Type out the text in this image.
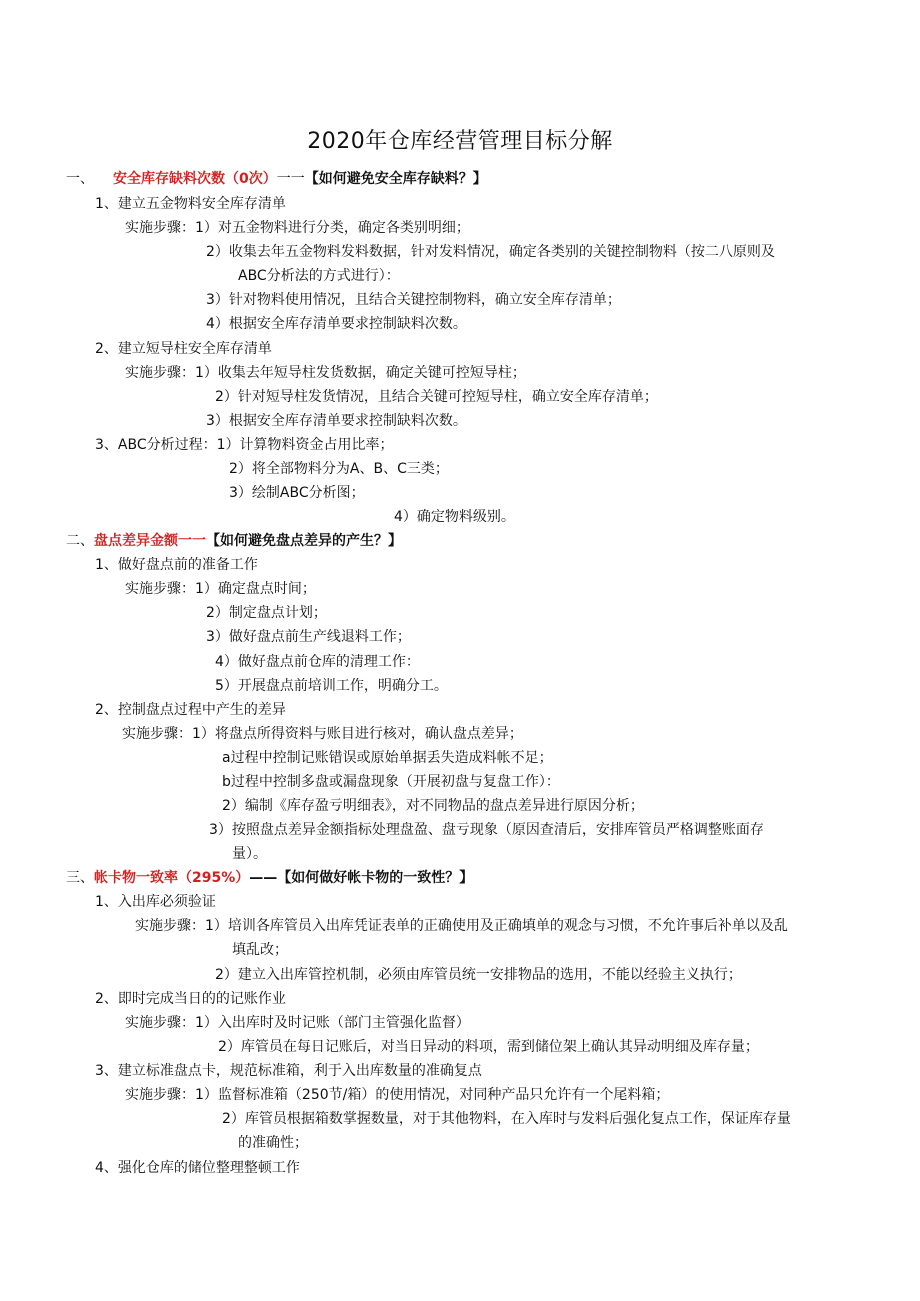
2020年仓库经营管理目标分解
一、 安全库存缺料次数（0次）一一【如何避免安全库存缺料？】
1、建立五金物料安全库存清单
实施步骤：1）对五金物料进行分类，确定各类别明细；
2）收集去年五金物料发料数据，针对发料情况，确定各类别的关键控制物料（按二八原则及
ABC分析法的方式进行）：
3）针对物料使用情况，且结合关键控制物料，确立安全库存清单；
4）根据安全库存清单要求控制缺料次数。
2、建立短导柱安全库存清单
实施步骤：1）收集去年短导柱发货数据，确定关键可控短导柱；
2）针对短导柱发货情况，且结合关键可控短导柱，确立安全库存清单；
3）根据安全库存清单要求控制缺料次数。
3、ABC分析过程：1）计算物料资金占用比率；
2）将全部物料分为A、B、C三类；
3）绘制ABC分析图；
4）确定物料级别。
二、盘点差异金额一一【如何避免盘点差异的产生？】
1、做好盘点前的准备工作
实施步骤：1）确定盘点时间；
2）制定盘点计划；
3）做好盘点前生产线退料工作；
4）做好盘点前仓库的清理工作：
5）开展盘点前培训工作，明确分工。
2、控制盘点过程中产生的差异
实施步骤：1）将盘点所得资料与账目进行核对，确认盘点差异；
a过程中控制记账错误或原始单据丢失造成料帐不足；
b过程中控制多盘或漏盘现象（开展初盘与复盘工作）：
2）编制《库存盈亏明细表》，对不同物品的盘点差异进行原因分析；
3）按照盘点差异金额指标处理盘盈、盘亏现象（原因查清后，安排库管员严格调整账面存
量）。
三、帐卡物一致率（295%）——【如何做好帐卡物的一致性？】
1、入出库必须验证
实施步骤：1）培训各库管员入出库凭证表单的正确使用及正确填单的观念与习惯，不允许事后补单以及乱
填乱改；
2）建立入出库管控机制，必须由库管员统一安排物品的选用，不能以经验主义执行；
2、即时完成当日的的记账作业
实施步骤：1）入出库时及时记账（部门主管强化监督）
2）库管员在每日记账后，对当日异动的料项，需到储位架上确认其异动明细及库存量；
3、建立标准盘点卡，规范标准箱，利于入出库数量的准确复点
实施步骤：1）监督标准箱（250节/箱）的使用情况，对同种产品只允许有一个尾料箱；
2）库管员根据箱数掌握数量，对于其他物料，在入库时与发料后强化复点工作，保证库存量
的准确性；
4、强化仓库的储位整理整顿工作
